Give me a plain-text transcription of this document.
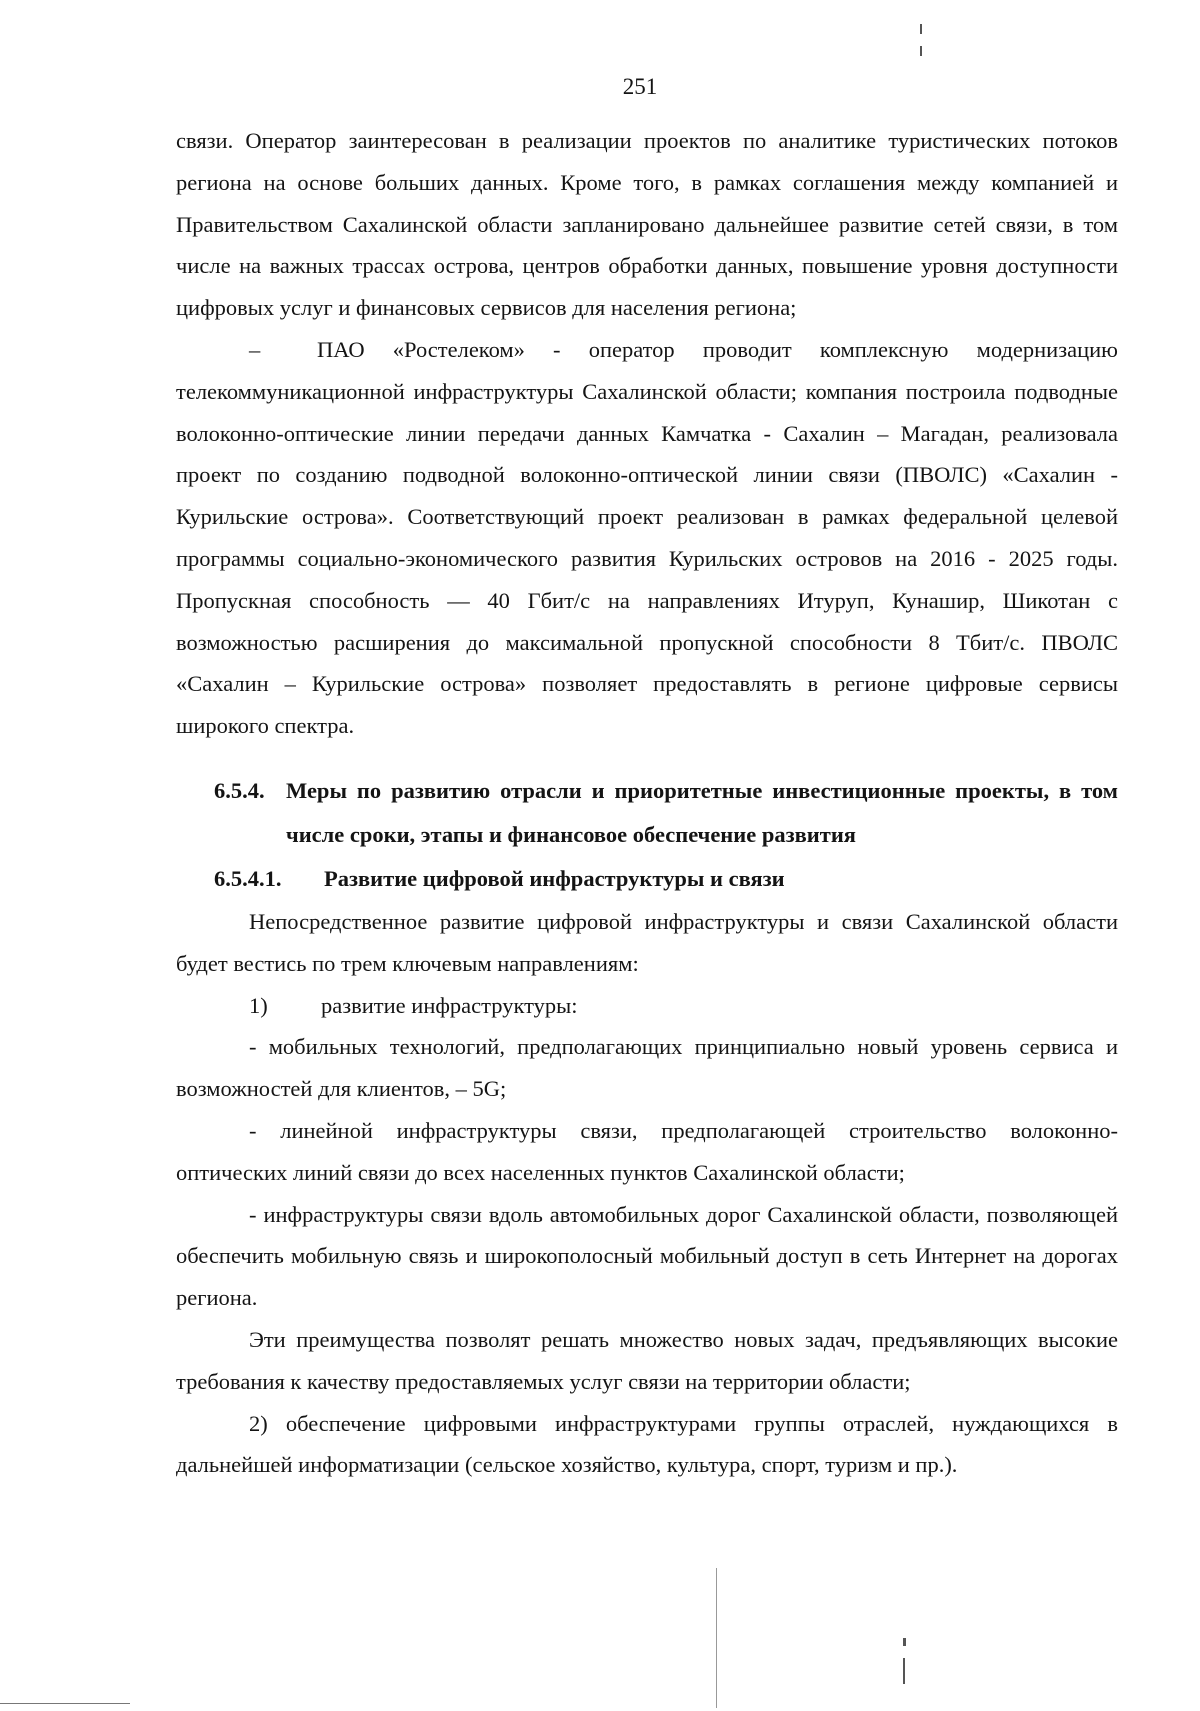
251

связи. Оператор заинтересован в реализации проектов по аналитике туристических потоков региона на основе больших данных. Кроме того, в рамках соглашения между компанией и Правительством Сахалинской области запланировано дальнейшее развитие сетей связи, в том числе на важных трассах острова, центров обработки данных, повышение уровня доступности цифровых услуг и финансовых сервисов для населения региона;

–	ПАО «Ростелеком» - оператор проводит комплексную модернизацию телекоммуникационной инфраструктуры Сахалинской области; компания построила подводные волоконно-оптические линии передачи данных Камчатка - Сахалин – Магадан, реализовала проект по созданию подводной волоконно-оптической линии связи (ПВОЛС) «Сахалин - Курильские острова». Соответствующий проект реализован в рамках федеральной целевой программы социально-экономического развития Курильских островов на 2016 - 2025 годы. Пропускная способность — 40 Гбит/с на направлениях Итуруп, Кунашир, Шикотан с возможностью расширения до максимальной пропускной способности 8 Тбит/с. ПВОЛС «Сахалин – Курильские острова» позволяет предоставлять в регионе цифровые сервисы широкого спектра.

6.5.4. Меры по развитию отрасли и приоритетные инвестиционные проекты, в том числе сроки, этапы и финансовое обеспечение развития
6.5.4.1. Развитие цифровой инфраструктуры и связи

Непосредственное развитие цифровой инфраструктуры и связи Сахалинской области будет вестись по трем ключевым направлениям:

1) развитие инфраструктуры:

- мобильных технологий, предполагающих принципиально новый уровень сервиса и возможностей для клиентов, – 5G;

- линейной инфраструктуры связи, предполагающей строительство волоконно-оптических линий связи до всех населенных пунктов Сахалинской области;

- инфраструктуры связи вдоль автомобильных дорог Сахалинской области, позволяющей обеспечить мобильную связь и широкополосный мобильный доступ в сеть Интернет на дорогах региона.

Эти преимущества позволят решать множество новых задач, предъявляющих высокие требования к качеству предоставляемых услуг связи на территории области;

2) обеспечение цифровыми инфраструктурами группы отраслей, нуждающихся в дальнейшей информатизации (сельское хозяйство, культура, спорт, туризм и пр.).
